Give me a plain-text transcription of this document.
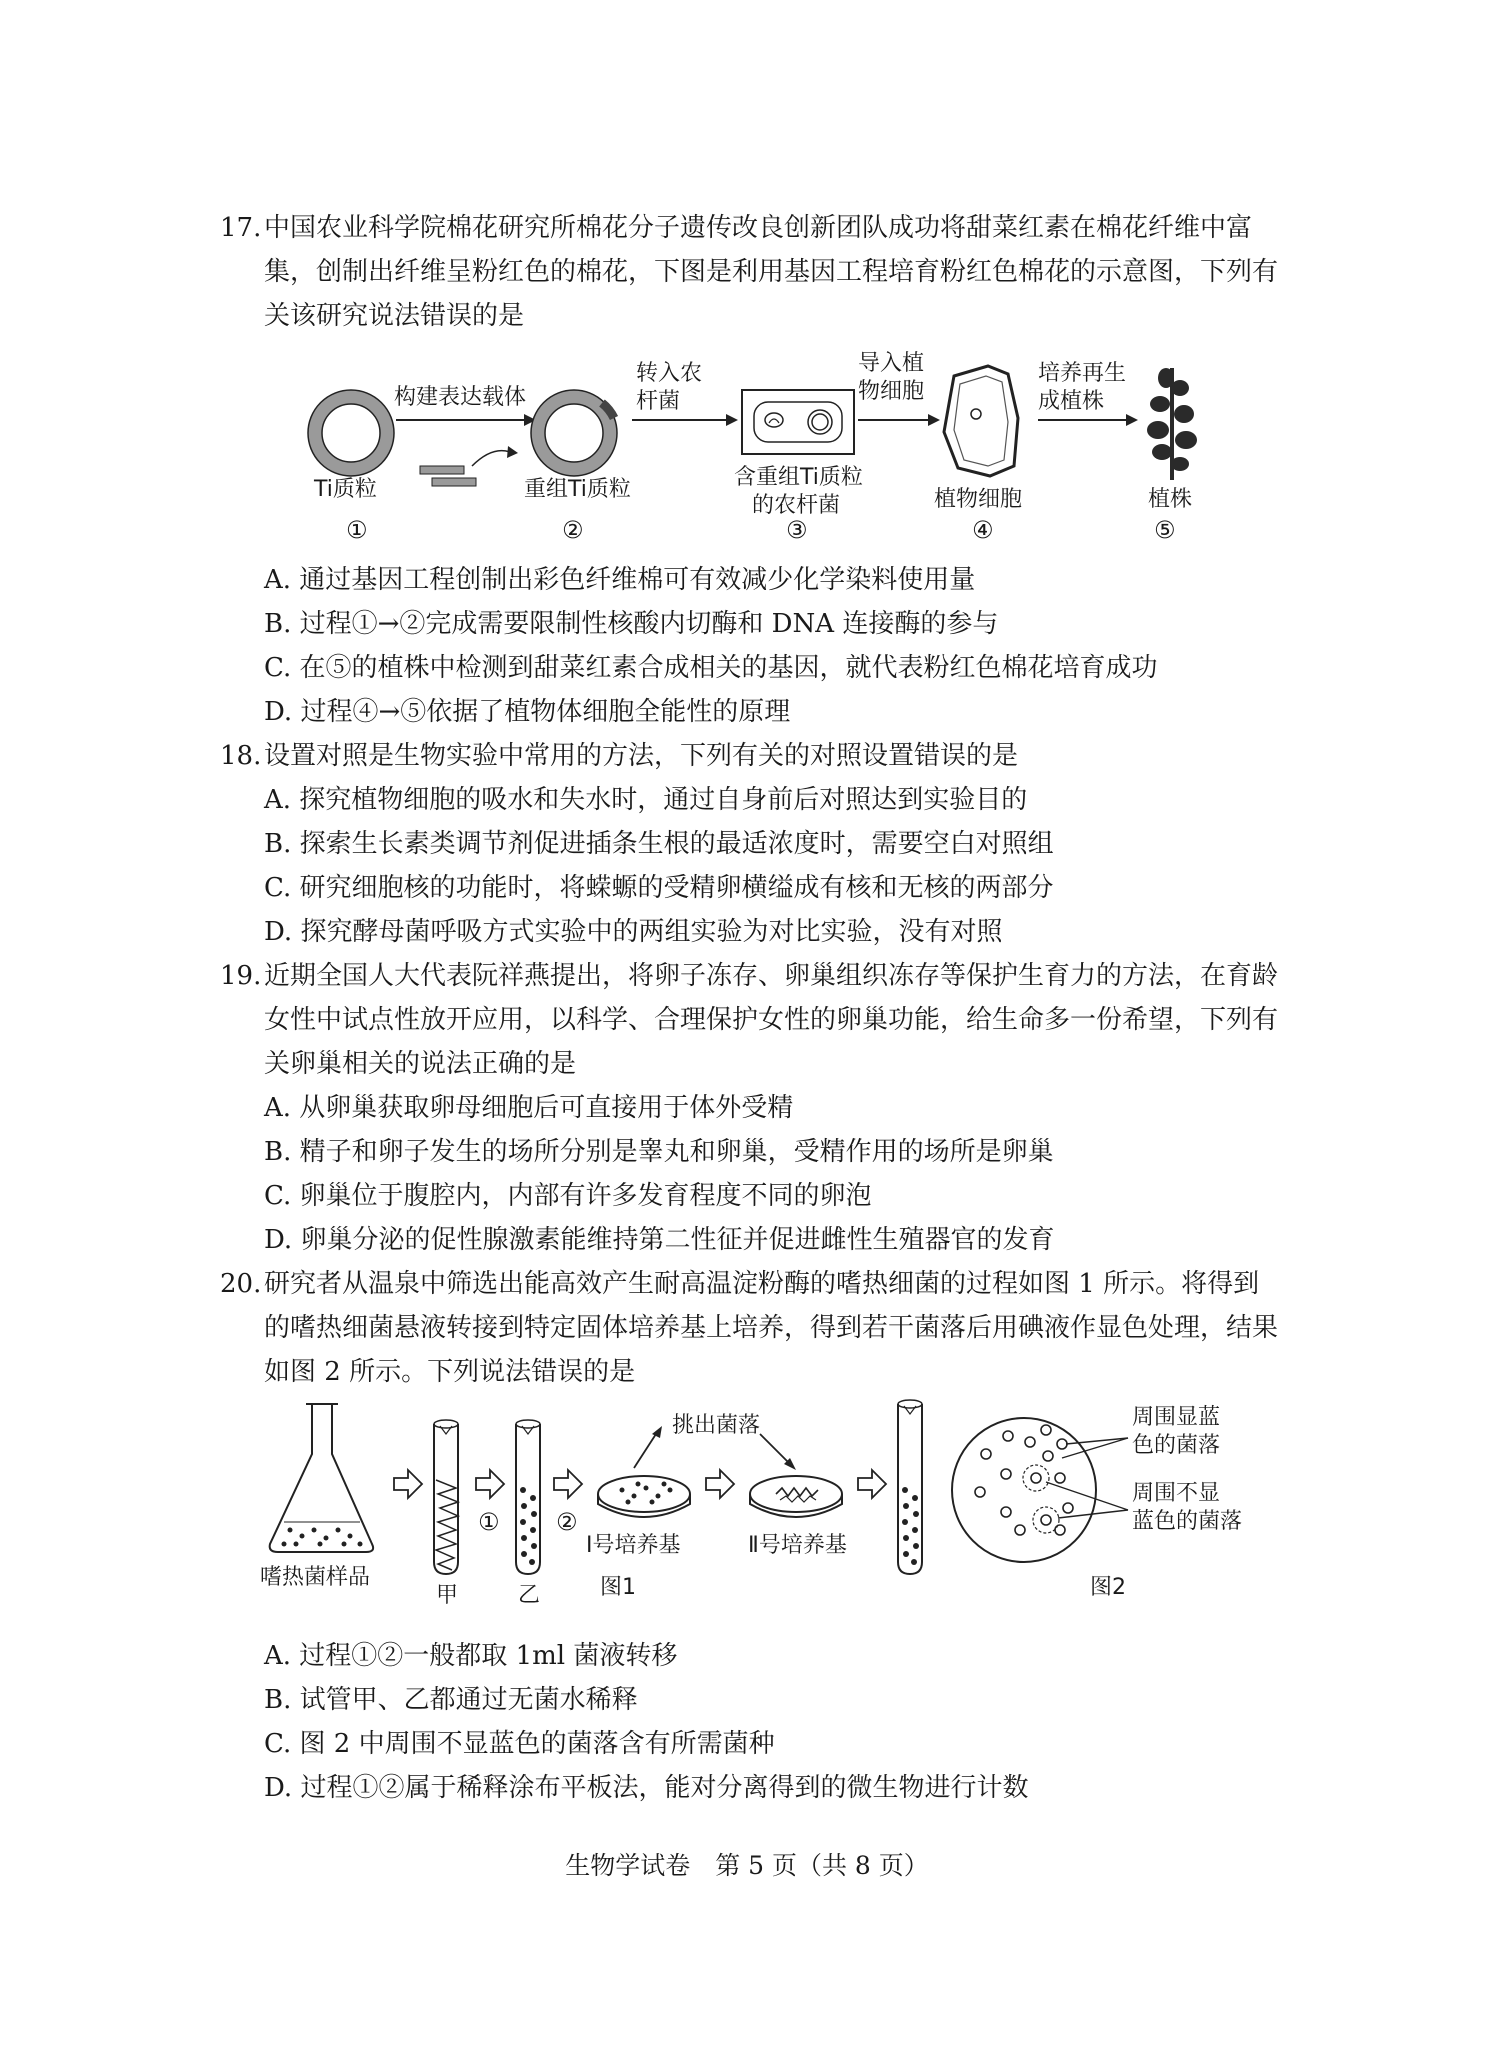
17. 中国农业科学院棉花研究所棉花分子遗传改良创新团队成功将甜菜红素在棉花纤维中富集，创制出纤维呈粉红色的棉花，下图是利用基因工程培育粉红色棉花的示意图，下列有关该研究说法错误的是
Ti质粒
①
构建表达载体
重组Ti质粒
②
转入农
杆菌
含重组Ti质粒
的农杆菌
③
导入植
物细胞
植物细胞
④
培养再生
成植株
植株
⑤
A. 通过基因工程创制出彩色纤维棉可有效减少化学染料使用量
B. 过程①→②完成需要限制性核酸内切酶和 DNA 连接酶的参与
C. 在⑤的植株中检测到甜菜红素合成相关的基因，就代表粉红色棉花培育成功
D. 过程④→⑤依据了植物体细胞全能性的原理
18. 设置对照是生物实验中常用的方法，下列有关的对照设置错误的是
A. 探究植物细胞的吸水和失水时，通过自身前后对照达到实验目的
B. 探索生长素类调节剂促进插条生根的最适浓度时，需要空白对照组
C. 研究细胞核的功能时，将蝾螈的受精卵横缢成有核和无核的两部分
D. 探究酵母菌呼吸方式实验中的两组实验为对比实验，没有对照
19. 近期全国人大代表阮祥燕提出，将卵子冻存、卵巢组织冻存等保护生育力的方法，在育龄女性中试点性放开应用，以科学、合理保护女性的卵巢功能，给生命多一份希望，下列有关卵巢相关的说法正确的是
A. 从卵巢获取卵母细胞后可直接用于体外受精
B. 精子和卵子发生的场所分别是睾丸和卵巢，受精作用的场所是卵巢
C. 卵巢位于腹腔内，内部有许多发育程度不同的卵泡
D. 卵巢分泌的促性腺激素能维持第二性征并促进雌性生殖器官的发育
20. 研究者从温泉中筛选出能高效产生耐高温淀粉酶的嗜热细菌的过程如图 1 所示。将得到的嗜热细菌悬液转接到特定固体培养基上培养，得到若干菌落后用碘液作显色处理，结果如图 2 所示。下列说法错误的是
嗜热菌样品
甲
①
乙
②
Ⅰ号培养基
图1
挑出菌落
Ⅱ号培养基
周围显蓝
色的菌落
周围不显
蓝色的菌落
图2
A. 过程①②一般都取 1ml 菌液转移
B. 试管甲、乙都通过无菌水稀释
C. 图 2 中周围不显蓝色的菌落含有所需菌种
D. 过程①②属于稀释涂布平板法，能对分离得到的微生物进行计数
生物学试卷　第 5 页（共 8 页）
